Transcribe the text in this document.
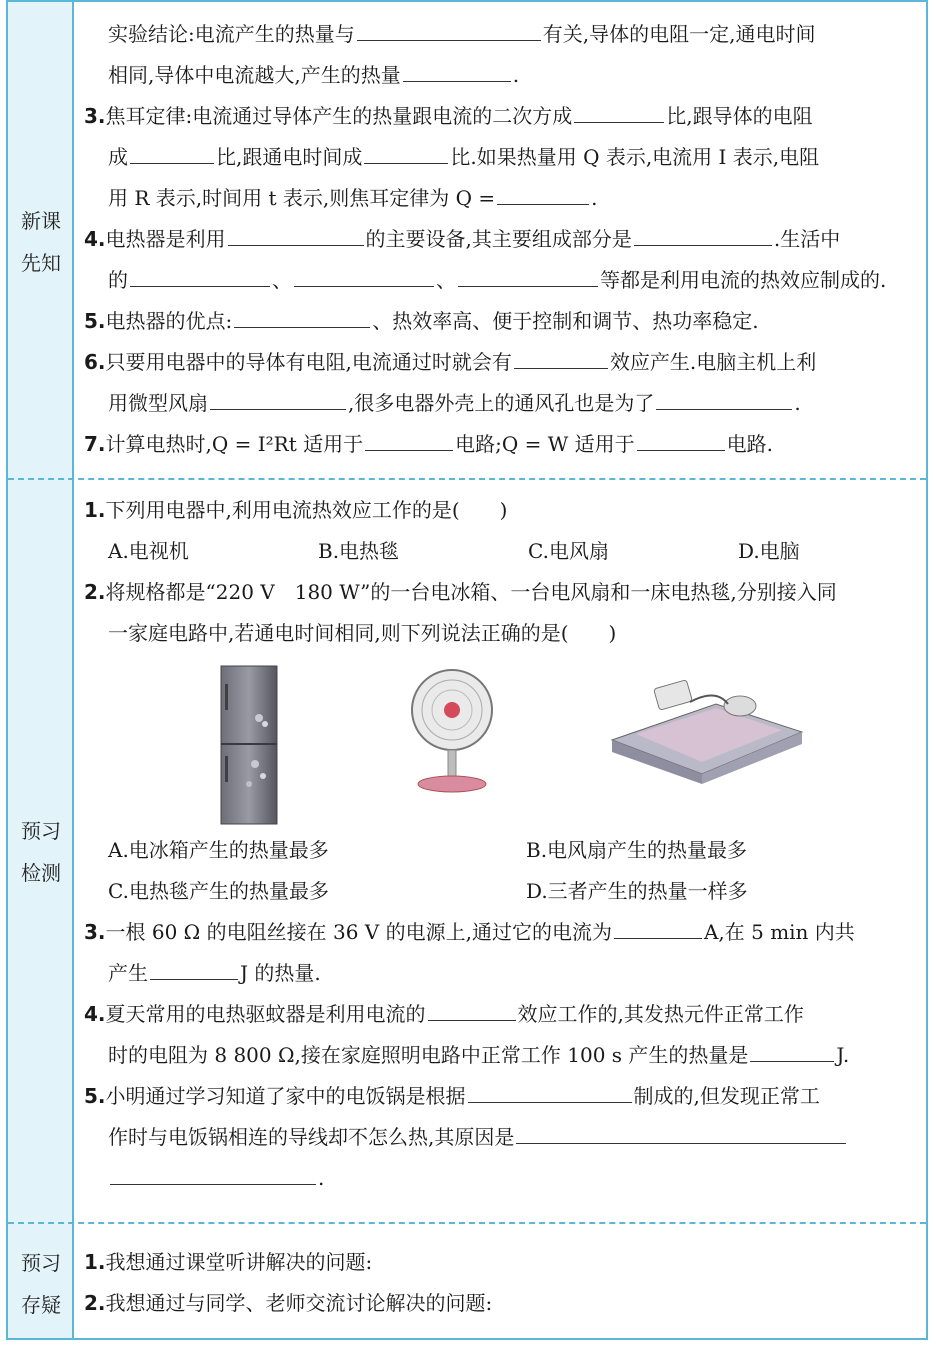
新课
先知
预习
检测
预习
存疑
实验结论:电流产生的热量与	有关,导体的电阻一定,通电时间
相同,导体中电流越大,产生的热量	.
3.焦耳定律:电流通过导体产生的热量跟电流的二次方成	比,跟导体的电阻
成	比,跟通电时间成	比.如果热量用 Q 表示,电流用 I 表示,电阻
用 R 表示,时间用 t 表示,则焦耳定律为 Q =	.
4.电热器是利用	的主要设备,其主要组成部分是	.生活中
的	、	、	等都是利用电流的热效应制成的.
5.电热器的优点:	、热效率高、便于控制和调节、热功率稳定.
6.只要用电器中的导体有电阻,电流通过时就会有	效应产生.电脑主机上利
用微型风扇	,很多电器外壳上的通风孔也是为了	.
7.计算电热时,Q = I²Rt 适用于	电路;Q = W 适用于	电路.
1.下列用电器中,利用电流热效应工作的是(　　)
A.电视机	B.电热毯	C.电风扇	D.电脑
2.将规格都是“220 V　180 W”的一台电冰箱、一台电风扇和一床电热毯,分别接入同
一家庭电路中,若通电时间相同,则下列说法正确的是(　　)
A.电冰箱产生的热量最多	B.电风扇产生的热量最多
C.电热毯产生的热量最多	D.三者产生的热量一样多
3.一根 60 Ω 的电阻丝接在 36 V 的电源上,通过它的电流为	A,在 5 min 内共
产生	J 的热量.
4.夏天常用的电热驱蚊器是利用电流的	效应工作的,其发热元件正常工作
时的电阻为 8 800 Ω,接在家庭照明电路中正常工作 100 s 产生的热量是	J.
5.小明通过学习知道了家中的电饭锅是根据	制成的,但发现正常工
作时与电饭锅相连的导线却不怎么热,其原因是
.
1.我想通过课堂听讲解决的问题:
2.我想通过与同学、老师交流讨论解决的问题:
